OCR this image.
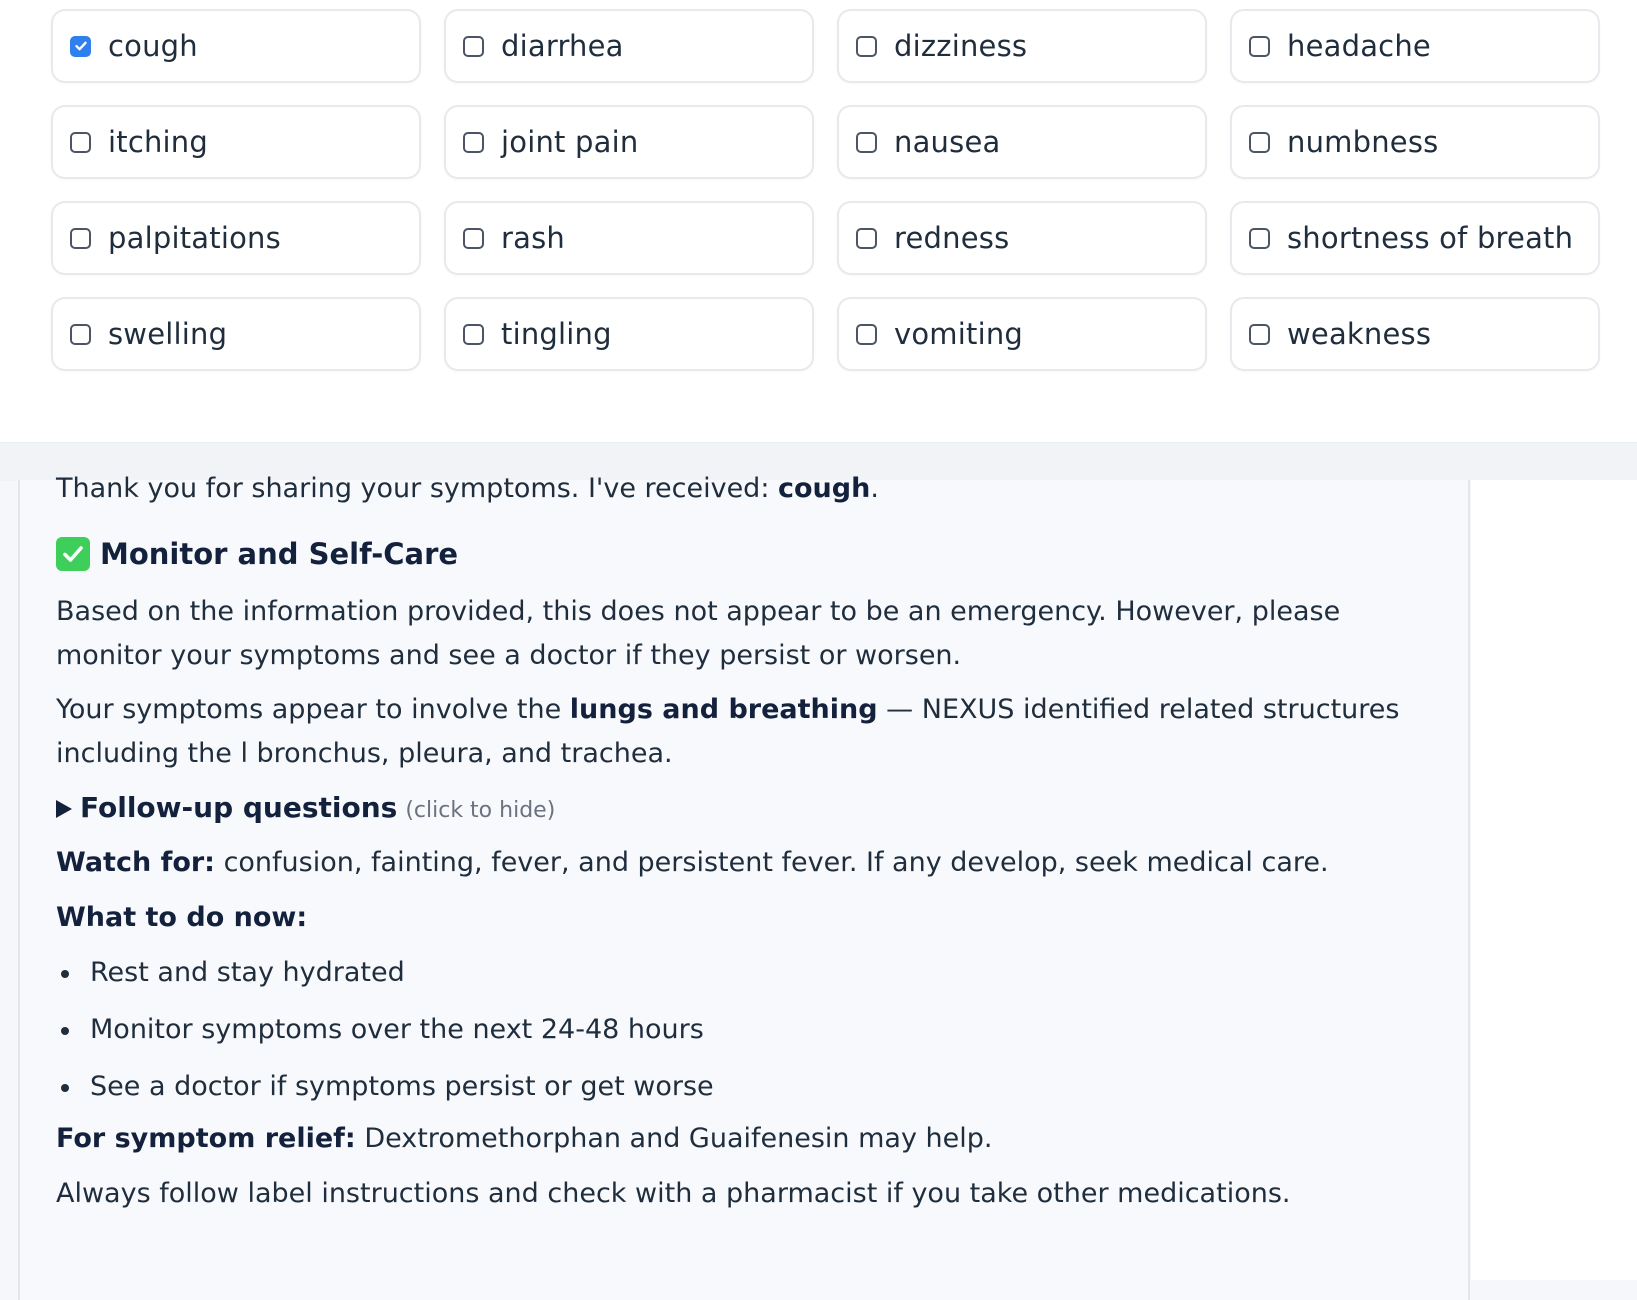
cough	diarrhea	dizziness	headache
itching	joint pain	nausea	numbness
palpitations	rash	redness	shortness of breath
swelling	tingling	vomiting	weakness

Thank you for sharing your symptoms. I've received: cough.

Monitor and Self-Care

Based on the information provided, this does not appear to be an emergency. However, please monitor your symptoms and see a doctor if they persist or worsen.

Your symptoms appear to involve the lungs and breathing — NEXUS identified related structures including the l bronchus, pleura, and trachea.

Follow-up questions (click to hide)

Watch for: confusion, fainting, fever, and persistent fever. If any develop, seek medical care.

What to do now:

Rest and stay hydrated
Monitor symptoms over the next 24-48 hours
See a doctor if symptoms persist or get worse

For symptom relief: Dextromethorphan and Guaifenesin may help.

Always follow label instructions and check with a pharmacist if you take other medications.
